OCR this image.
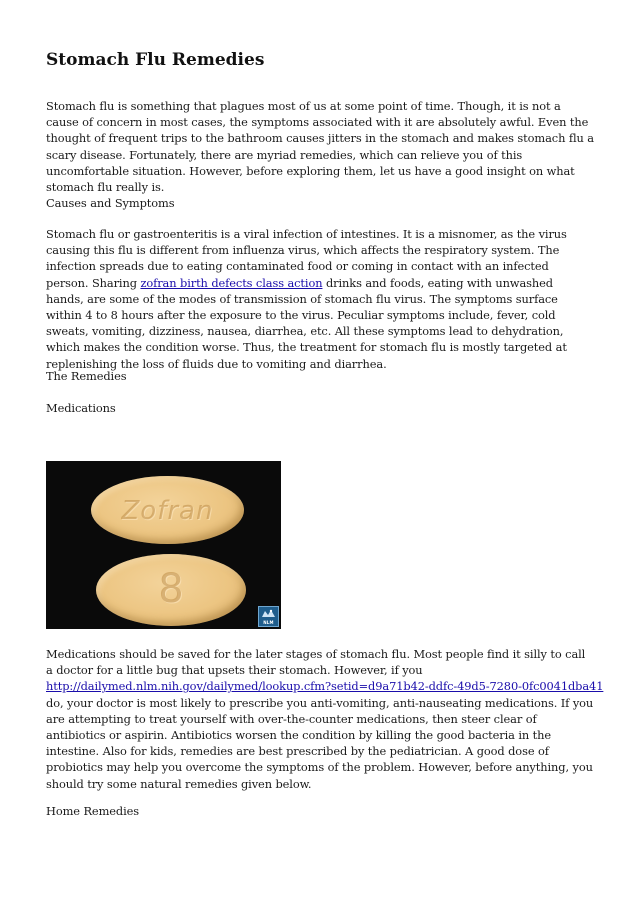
Stomach Flu Remedies

Stomach flu is something that plagues most of us at some point of time. Though, it is not a cause of concern in most cases, the symptoms associated with it are absolutely awful. Even the thought of frequent trips to the bathroom causes jitters in the stomach and makes stomach flu a scary disease. Fortunately, there are myriad remedies, which can relieve you of this uncomfortable situation. However, before exploring them, let us have a good insight on what stomach flu really is.

Causes and Symptoms

Stomach flu or gastroenteritis is a viral infection of intestines. It is a misnomer, as the virus causing this flu is different from influenza virus, which affects the respiratory system. The infection spreads due to eating contaminated food or coming in contact with an infected person. Sharing zofran birth defects class action drinks and foods, eating with unwashed hands, are some of the modes of transmission of stomach flu virus. The symptoms surface within 4 to 8 hours after the exposure to the virus. Peculiar symptoms include, fever, cold sweats, vomiting, dizziness, nausea, diarrhea, etc. All these symptoms lead to dehydration, which makes the condition worse. Thus, the treatment for stomach flu is mostly targeted at replenishing the loss of fluids due to vomiting and diarrhea.

The Remedies

Medications

Zofran
8
NLM

Medications should be saved for the later stages of stomach flu. Most people find it silly to call a doctor for a little bug that upsets their stomach. However, if you
http://dailymed.nlm.nih.gov/dailymed/lookup.cfm?setid=d9a71b42-ddfc-49d5-7280-0fc0041dba41
do, your doctor is most likely to prescribe you anti-vomiting, anti-nauseating medications. If you are attempting to treat yourself with over-the-counter medications, then steer clear of antibiotics or aspirin. Antibiotics worsen the condition by killing the good bacteria in the intestine. Also for kids, remedies are best prescribed by the pediatrician. A good dose of probiotics may help you overcome the symptoms of the problem. However, before anything, you should try some natural remedies given below.

Home Remedies
